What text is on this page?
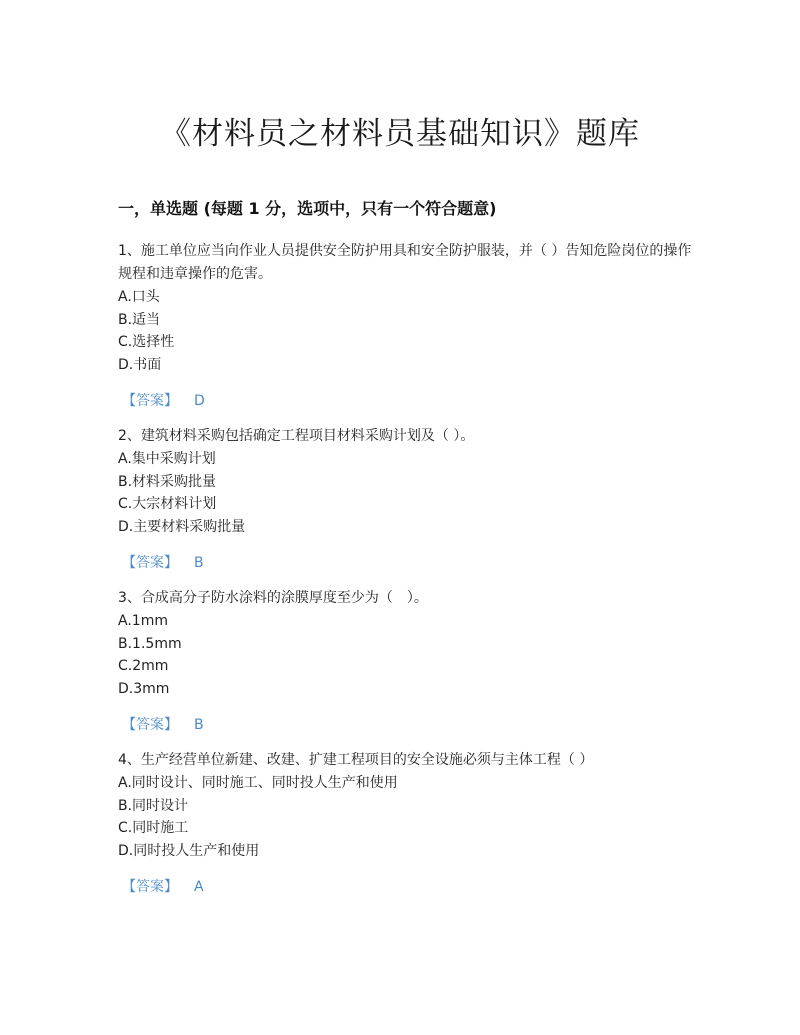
《材料员之材料员基础知识》题库
一，单选题 (每题 1 分，选项中，只有一个符合题意)

1、施工单位应当向作业人员提供安全防护用具和安全防护服装，并（ ）告知危险岗位的操作规程和违章操作的危害。

A.口头
B.适当
C.选择性
D.书面
【答案】 D

2、建筑材料采购包括确定工程项目材料采购计划及（ ）。

A.集中采购计划
B.材料采购批量
C.大宗材料计划
D.主要材料采购批量
【答案】 B

3、合成高分子防水涂料的涂膜厚度至少为（　）。

A.1mm
B.1.5mm
C.2mm
D.3mm
【答案】 B

4、生产经营单位新建、改建、扩建工程项目的安全设施必须与主体工程（ ）

A.同时设计、同时施工、同时投人生产和使用
B.同时设计
C.同时施工
D.同时投人生产和使用
【答案】 A
